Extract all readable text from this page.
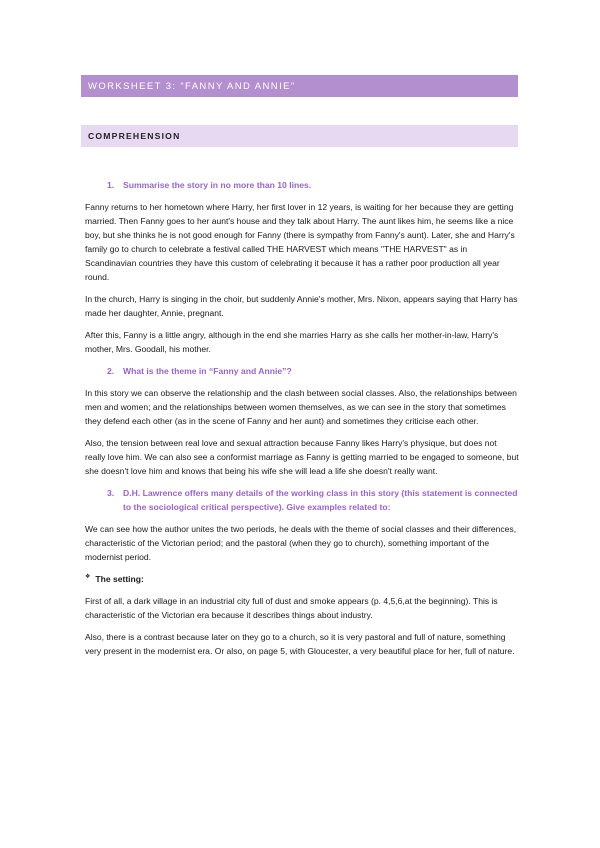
WORKSHEET 3: “FANNY AND ANNIE”
COMPREHENSION
1.	Summarise the story in no more than 10 lines.

Fanny returns to her hometown where Harry, her first lover in 12 years, is waiting for her because they are getting married. Then Fanny goes to her aunt's house and they talk about Harry. The aunt likes him, he seems like a nice boy, but she thinks he is not good enough for Fanny (there is sympathy from Fanny's aunt). Later, she and Harry's family go to church to celebrate a festival called THE HARVEST which means "THE HARVEST" as in Scandinavian countries they have this custom of celebrating it because it has a rather poor production all year round.

In the church, Harry is singing in the choir, but suddenly Annie's mother, Mrs. Nixon, appears saying that Harry has made her daughter, Annie, pregnant.

After this, Fanny is a little angry, although in the end she marries Harry as she calls her mother-in-law, Harry's mother, Mrs. Goodall, his mother.

2.	What is the theme in “Fanny and Annie”?

In this story we can observe the relationship and the clash between social classes. Also, the relationships between men and women; and the relationships between women themselves, as we can see in the story that sometimes they defend each other (as in the scene of Fanny and her aunt) and sometimes they criticise each other.

Also, the tension between real love and sexual attraction because Fanny likes Harry's physique, but does not really love him. We can also see a conformist marriage as Fanny is getting married to be engaged to someone, but she doesn't love him and knows that being his wife she will lead a life she doesn't really want.

3.	D.H. Lawrence offers many details of the working class in this story (this statement is connected to the sociological critical perspective). Give examples related to:

We can see how the author unites the two periods, he deals with the theme of social classes and their differences, characteristic of the Victorian period; and the pastoral (when they go to church), something important of the modernist period.

❖ The setting:

First of all, a dark village in an industrial city full of dust and smoke appears (p. 4,5,6,at the beginning). This is characteristic of the Victorian era because it describes things about industry.

Also, there is a contrast because later on they go to a church, so it is very pastoral and full of nature, something very present in the modernist era. Or also, on page 5, with Gloucester, a very beautiful place for her, full of nature.
